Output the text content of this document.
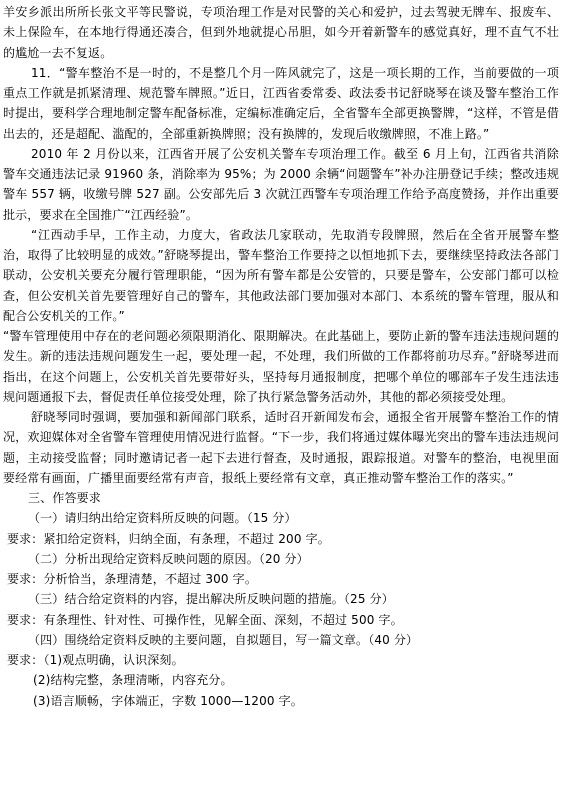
羊安乡派出所所长张文平等民警说，专项治理工作是对民警的关心和爱护，过去驾驶无牌车、报废车、未上保险车，在本地行得通还凑合，但到外地就提心吊胆，如今开着新警车的感觉真好，理不直气不壮的尴尬一去不复返。

11．“警车整治不是一时的，不是整几个月一阵风就完了，这是一项长期的工作，当前要做的一项重点工作就是抓紧清理、规范警车牌照。”近日，江西省委常委、政法委书记舒晓琴在谈及警车整治工作时提出，要科学合理地制定警车配备标准，定编标准确定后，全省警车全部更换警牌，“这样，不管是借出去的，还是超配、滥配的，全部重新换牌照；没有换牌的，发现后收缴牌照，不准上路。”

2010 年 2 月份以来，江西省开展了公安机关警车专项治理工作。截至 6 月上旬，江西省共消除警车交通违法记录 91960 条，消除率为 95%；为 2000 余辆“问题警车”补办注册登记手续；整改违规警车 557 辆，收缴号牌 527 副。公安部先后 3 次就江西警车专项治理工作给予高度赞扬，并作出重要批示，要求在全国推广“江西经验”。

“江西动手早，工作主动，力度大，省政法几家联动，先取消专段牌照，然后在全省开展警车整治，取得了比较明显的成效。”舒晓琴提出，警车整治工作要持之以恒地抓下去，要继续坚持政法各部门联动，公安机关要充分履行管理职能，“因为所有警车都是公安管的，只要是警车，公安部门都可以检查，但公安机关首先要管理好自己的警车，其他政法部门要加强对本部门、本系统的警车管理，服从和配合公安机关的工作。”

“警车管理使用中存在的老问题必须限期消化、限期解决。在此基础上，要防止新的警车违法违规问题的发生。新的违法违规问题发生一起，要处理一起，不处理，我们所做的工作都将前功尽弃。”舒晓琴进而指出，在这个问题上，公安机关首先要带好头，坚持每月通报制度，把哪个单位的哪部车子发生违法违规问题通报下去，督促责任单位接受处理，除了执行紧急警务活动外，其他的都必须接受处理。

舒晓琴同时强调，要加强和新闻部门联系，适时召开新闻发布会，通报全省开展警车整治工作的情况，欢迎媒体对全省警车管理使用情况进行监督。“下一步，我们将通过媒体曝光突出的警车违法违规问题，主动接受监督；同时邀请记者一起下去进行督查，及时通报，跟踪报道。对警车的整治，电视里面要经常有画面，广播里面要经常有声音，报纸上要经常有文章，真正推动警车整治工作的落实。”

三、作答要求

（一）请归纳出给定资料所反映的问题。（15 分）

要求：紧扣给定资料，归纳全面，有条理，不超过 200 字。

（二）分析出现给定资料反映问题的原因。（20 分）

要求：分析恰当，条理清楚，不超过 300 字。

（三）结合给定资料的内容，提出解决所反映问题的措施。（25 分）

要求：有条理性、针对性、可操作性，见解全面、深刻，不超过 500 字。

（四）围绕给定资料反映的主要问题，自拟题目，写一篇文章。（40 分）

要求：（1)观点明确，认识深刻。

(2)结构完整，条理清晰，内容充分。

(3)语言顺畅，字体端正，字数 1000—1200 字。
